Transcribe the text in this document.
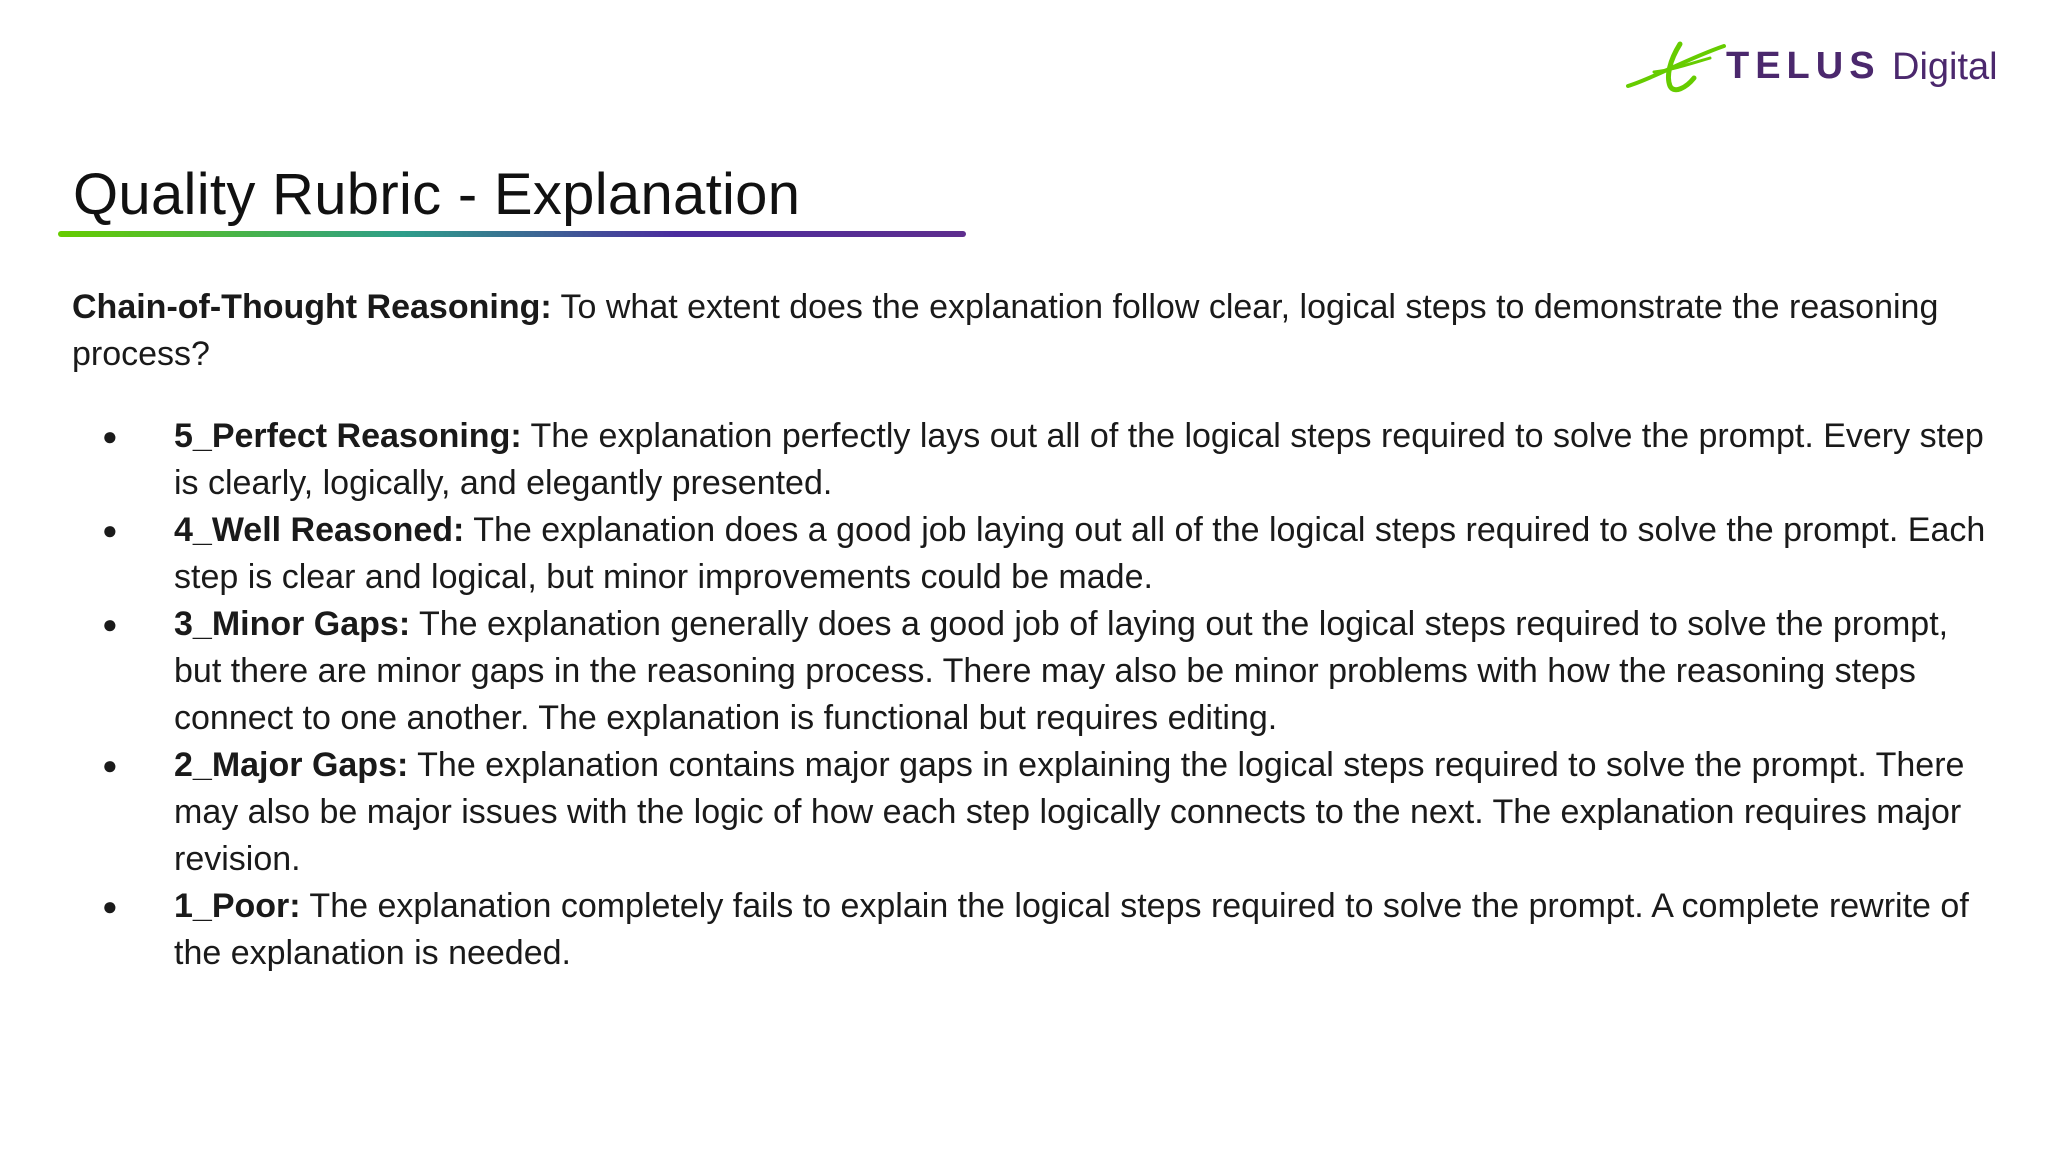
TELUS Digital
Quality Rubric - Explanation

Chain-of-Thought Reasoning: To what extent does the explanation follow clear, logical steps to demonstrate the reasoning process?

● 5_Perfect Reasoning: The explanation perfectly lays out all of the logical steps required to solve the prompt. Every step is clearly, logically, and elegantly presented.
● 4_Well Reasoned: The explanation does a good job laying out all of the logical steps required to solve the prompt. Each step is clear and logical, but minor improvements could be made.
● 3_Minor Gaps: The explanation generally does a good job of laying out the logical steps required to solve the prompt, but there are minor gaps in the reasoning process. There may also be minor problems with how the reasoning steps connect to one another. The explanation is functional but requires editing.
● 2_Major Gaps: The explanation contains major gaps in explaining the logical steps required to solve the prompt. There may also be major issues with the logic of how each step logically connects to the next. The explanation requires major revision.
● 1_Poor: The explanation completely fails to explain the logical steps required to solve the prompt. A complete rewrite of the explanation is needed.
